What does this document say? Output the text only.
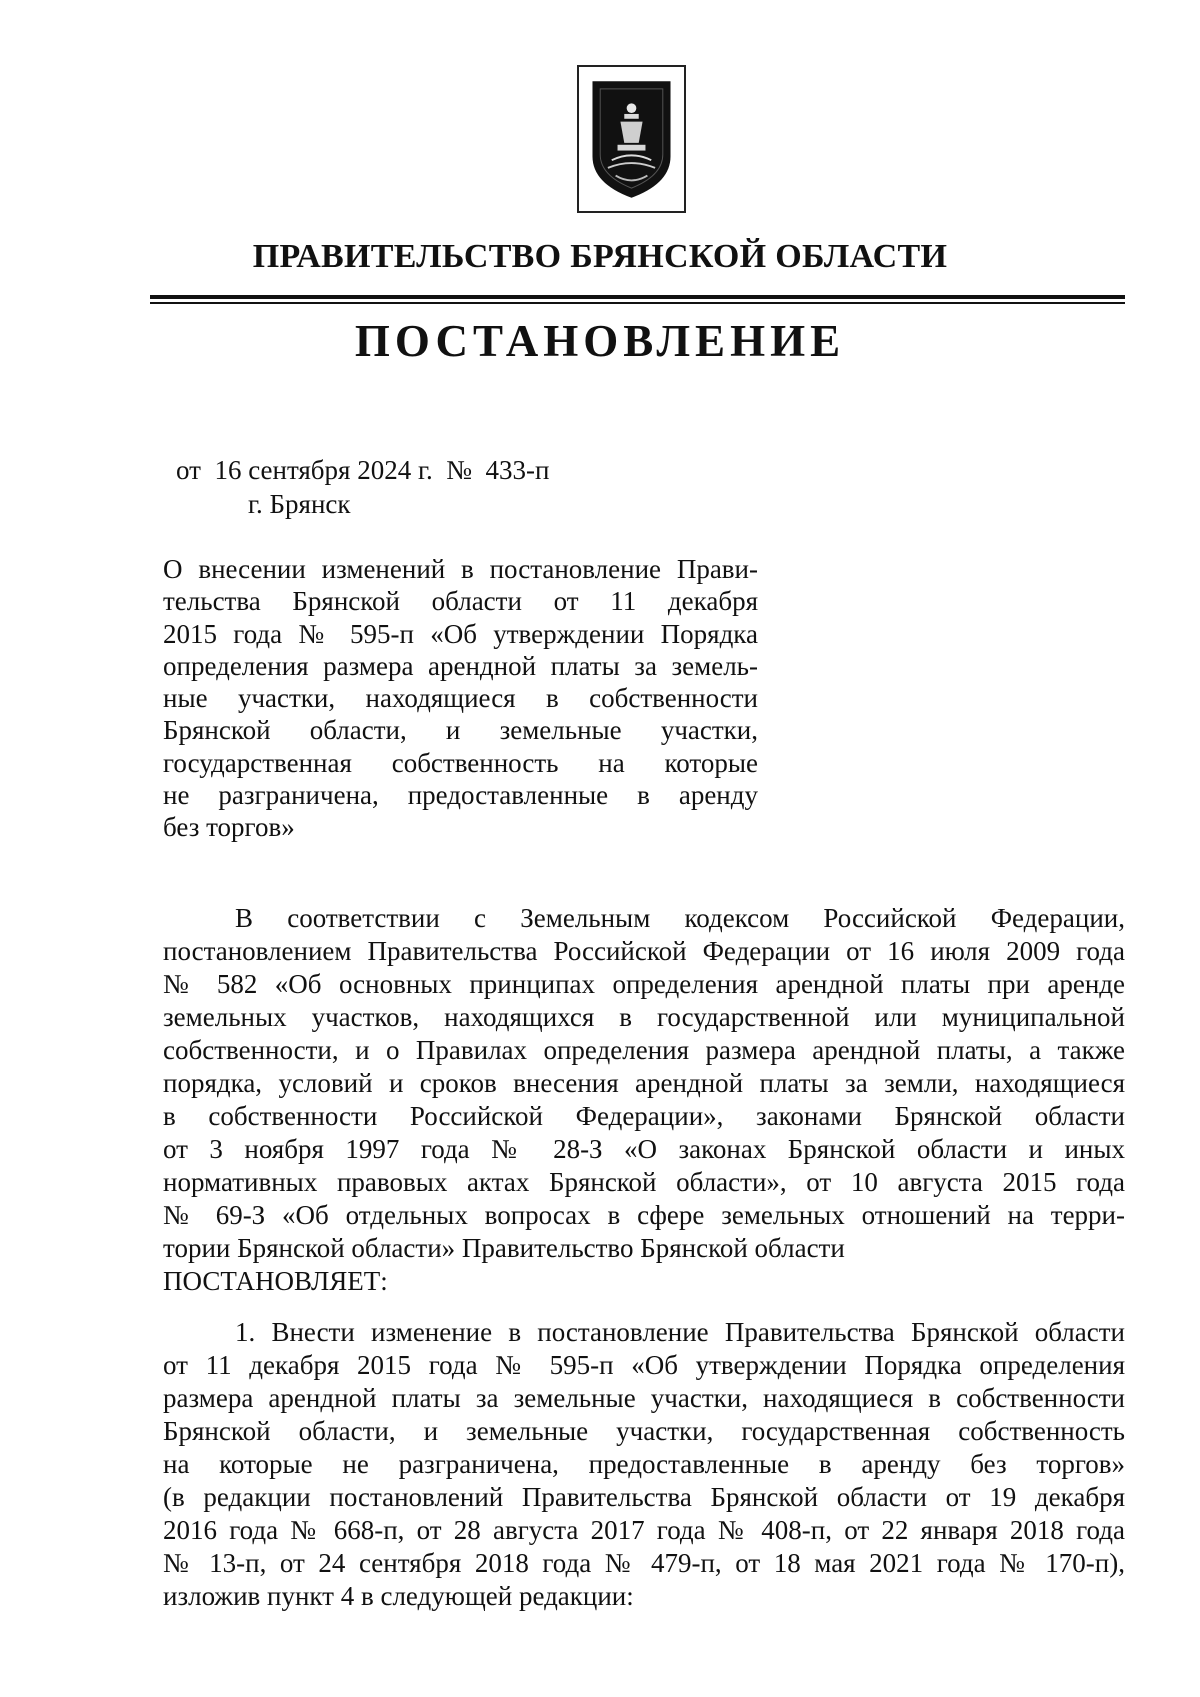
ПРАВИТЕЛЬСТВО БРЯНСКОЙ ОБЛАСТИ
ПОСТАНОВЛЕНИЕ
от  16 сентября 2024 г.  №  433-п
г. Брянск
О внесении изменений в постановление Прави-
тельства Брянской области от 11 декабря
2015 года № 595-п «Об утверждении Порядка
определения размера арендной платы за земель-
ные участки, находящиеся в собственности
Брянской области, и земельные участки,
государственная собственность на которые
не разграничена, предоставленные в аренду
без торгов»
В соответствии с Земельным кодексом Российской Федерации,
постановлением Правительства Российской Федерации от 16 июля 2009 года
№ 582 «Об основных принципах определения арендной платы при аренде
земельных участков, находящихся в государственной или муниципальной
собственности, и о Правилах определения размера арендной платы, а также
порядка, условий и сроков внесения арендной платы за земли, находящиеся
в собственности Российской Федерации», законами Брянской области
от 3 ноября 1997 года № 28-З «О законах Брянской области и иных
нормативных правовых актах Брянской области», от 10 августа 2015 года
№ 69-З «Об отдельных вопросах в сфере земельных отношений на терри-
тории Брянской области» Правительство Брянской области
ПОСТАНОВЛЯЕТ:
1. Внести изменение в постановление Правительства Брянской области
от 11 декабря 2015 года № 595-п «Об утверждении Порядка определения
размера арендной платы за земельные участки, находящиеся в собственности
Брянской области, и земельные участки, государственная собственность
на которые не разграничена, предоставленные в аренду без торгов»
(в редакции постановлений Правительства Брянской области от 19 декабря
2016 года № 668-п, от 28 августа 2017 года № 408-п, от 22 января 2018 года
№ 13-п, от 24 сентября 2018 года № 479-п, от 18 мая 2021 года № 170-п),
изложив пункт 4 в следующей редакции:
